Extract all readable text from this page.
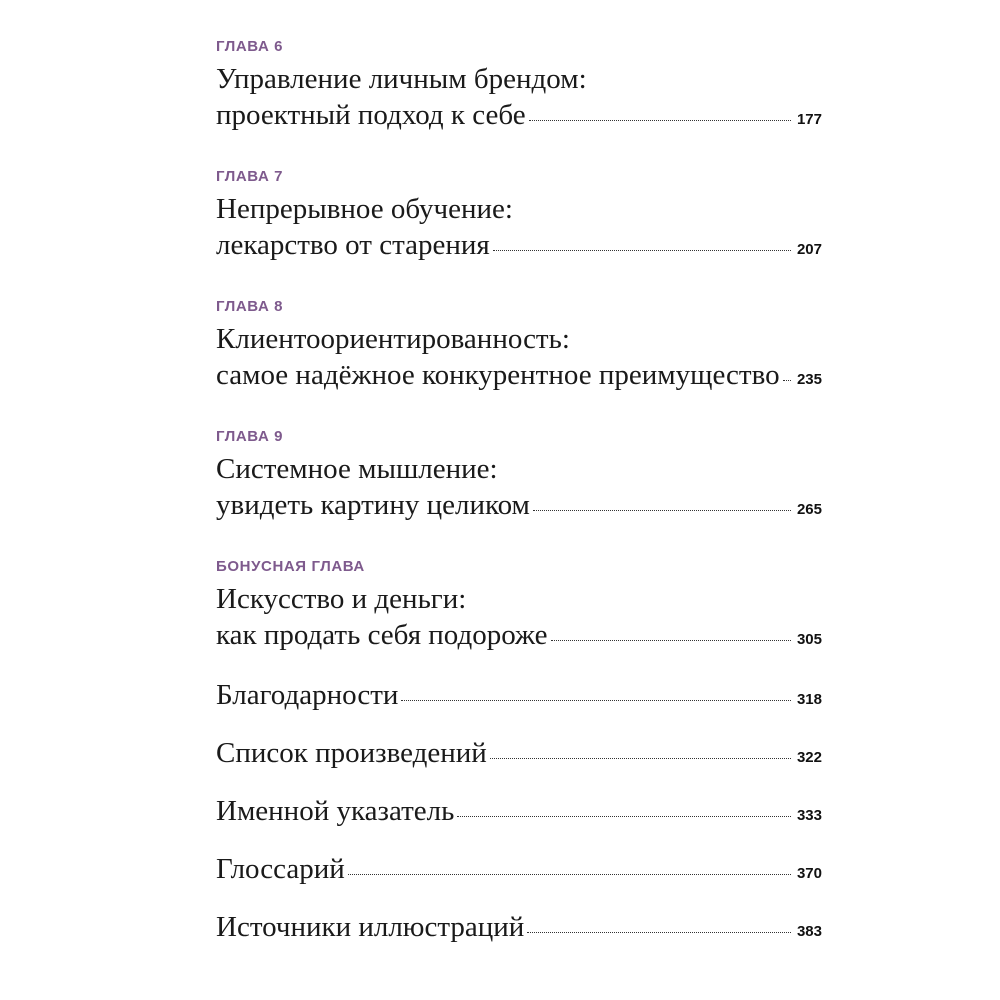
ГЛАВА 6
Управление личным брендом:
проектный подход к себе	177
ГЛАВА 7
Непрерывное обучение:
лекарство от старения	207
ГЛАВА 8
Клиентоориентированность:
самое надёжное конкурентное преимущество 235
ГЛАВА 9
Системное мышление:
увидеть картину целиком	265
БОНУСНАЯ ГЛАВА
Искусство и деньги:
как продать себя подороже	305
Благодарности	318
Список произведений	322
Именной указатель	333
Глоссарий	370
Источники иллюстраций	383
